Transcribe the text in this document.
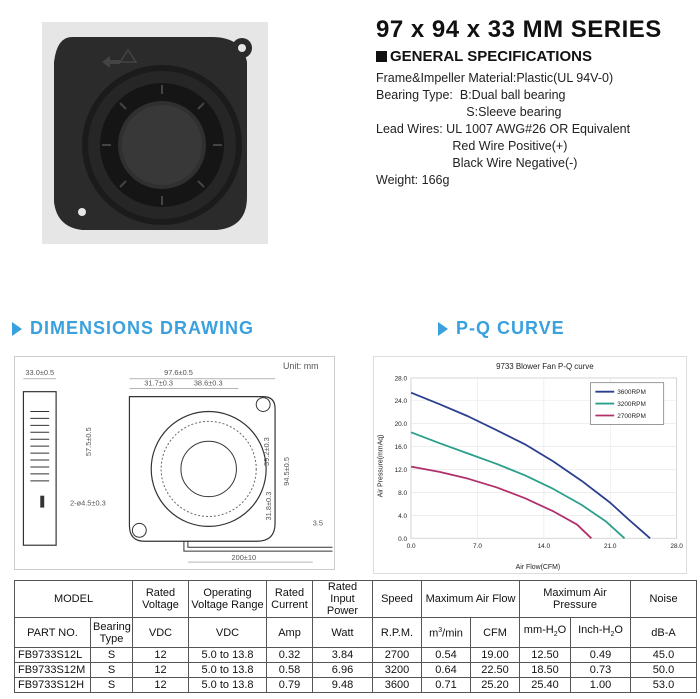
97 x 94 x 33 MM SERIES
GENERAL SPECIFICATIONS
Frame&Impeller Material:Plastic(UL 94V-0)
Bearing Type:  B:Dual ball bearing
S:Sleeve bearing
Lead Wires: UL 1007 AWG#26 OR Equivalent
Red Wire Positive(+)
Black Wire Negative(-)
Weight: 166g
DIMENSIONS DRAWING	P-Q CURVE
Unit: mm
33.0±0.5	97.6±0.5
31.7±0.3	38.6±0.3
57.5±0.5	39.2±0.3
94.5±0.5
31.8±0.3
2-ø4.5±0.3
3.5
200±10
9733 Blower Fan P-Q curve
Air Pressure(mmAq)
Air Flow(CFM)
0.0
4.0
8.0
12.0
16.0
20.0
24.0
28.0
0.0	7.0	14.0	21.0	28.0
3600RPM
3200RPM
2700RPM
MODEL		Rated Voltage	Operating Voltage Range	Rated Current	Rated Input Power	Speed	Maximum Air Flow		Maximum Air Pressure		Noise
PART NO.	Bearing Type	VDC	VDC	Amp	Watt	R.P.M.	$m^3/\min$	CFM	$mm-H_2O$	Inch-$H_2O$	dB-A
FB9733S12L	S	12	5.0 to 13.8	0.32	3.84	2700	0.54	19.00	12.50	0.49	45.0
FB9733S12M	S	12	5.0 to 13.8	0.58	6.96	3200	0.64	22.50	18.50	0.73	50.0
FB9733S12H	S	12	5.0 to 13.8	0.79	9.48	3600	0.71	25.20	25.40	1.00	53.0
